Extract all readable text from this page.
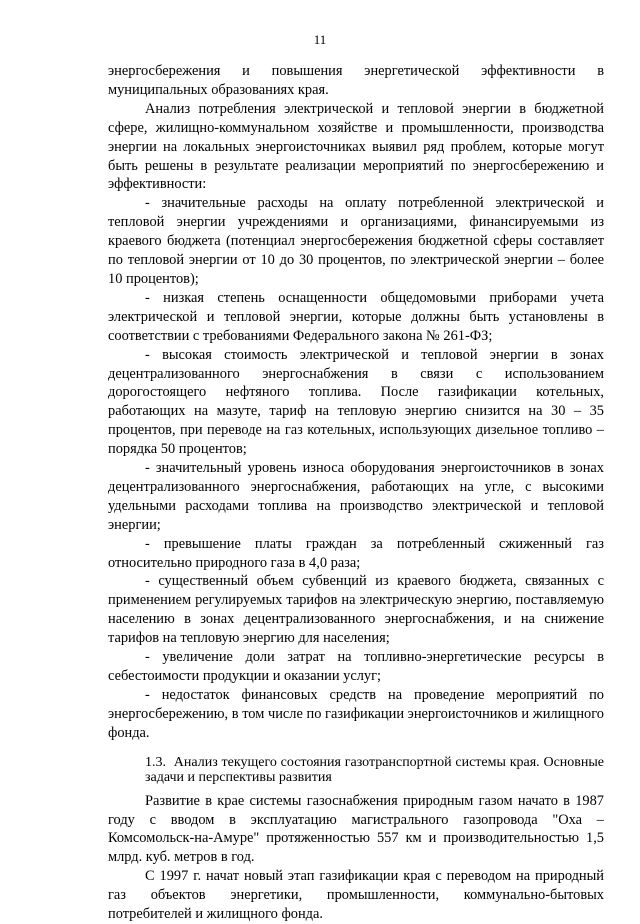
11

энергосбережения и повышения энергетической эффективности в муниципальных образованиях края.

Анализ потребления электрической и тепловой энергии в бюджетной сфере, жилищно-коммунальном хозяйстве и промышленности, производства энергии на локальных энергоисточниках выявил ряд проблем, которые могут быть решены в результате реализации мероприятий по энергосбережению и эффективности:

- значительные расходы на оплату потребленной электрической и тепловой энергии учреждениями и организациями, финансируемыми из краевого бюджета (потенциал энергосбережения бюджетной сферы составляет по тепловой энергии от 10 до 30 процентов, по электрической энергии – более 10 процентов);

- низкая степень оснащенности общедомовыми приборами учета электрической и тепловой энергии, которые должны быть установлены в соответствии с требованиями Федерального закона № 261-ФЗ;

- высокая стоимость электрической и тепловой энергии в зонах децентрализованного энергоснабжения в связи с использованием дорогостоящего нефтяного топлива. После газификации котельных, работающих на мазуте, тариф на тепловую энергию снизится на 30 – 35 процентов, при переводе на газ котельных, использующих дизельное топливо – порядка 50 процентов;

- значительный уровень износа оборудования энергоисточников в зонах децентрализованного энергоснабжения, работающих на угле, с высокими удельными расходами топлива на производство электрической и тепловой энергии;

- превышение платы граждан за потребленный сжиженный газ относительно природного газа в 4,0 раза;

- существенный объем субвенций из краевого бюджета, связанных с применением регулируемых тарифов на электрическую энергию, поставляемую населению в зонах децентрализованного энергоснабжения, и на снижение тарифов на тепловую энергию для населения;

- увеличение доли затрат на топливно-энергетические ресурсы в себестоимости продукции и оказании услуг;

- недостаток финансовых средств на проведение мероприятий по энергосбережению, в том числе по газификации энергоисточников и жилищного фонда.

1.3. Анализ текущего состояния газотранспортной системы края. Основные задачи и перспективы развития

Развитие в крае системы газоснабжения природным газом начато в 1987 году с вводом в эксплуатацию магистрального газопровода "Оха – Комсомольск-на-Амуре" протяженностью 557 км и производительностью 1,5 млрд. куб. метров в год.

С 1997 г. начат новый этап газификации края с переводом на природный газ объектов энергетики, промышленности, коммунально-бытовых потребителей и жилищного фонда.
